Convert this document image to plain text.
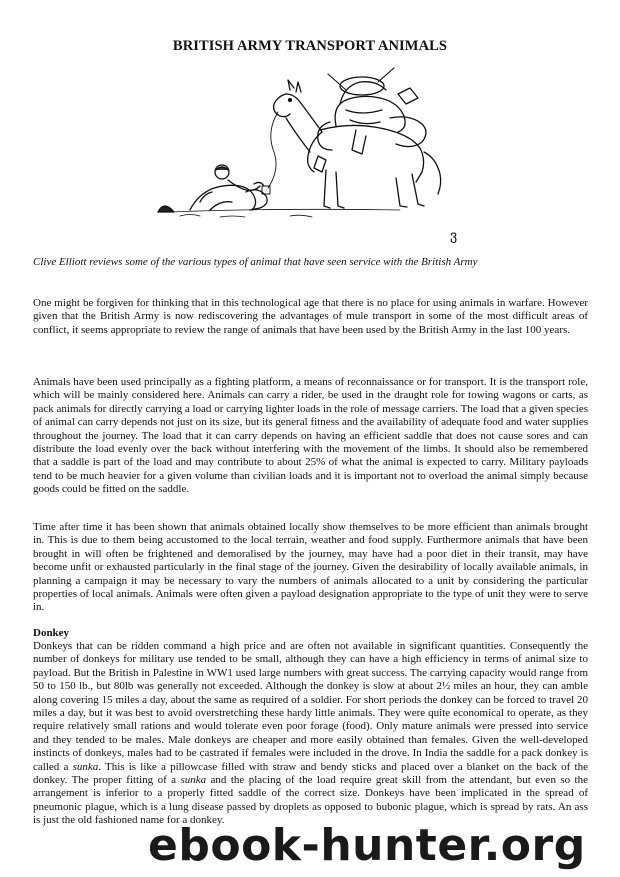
BRITISH ARMY TRANSPORT ANIMALS
ვ
Clive Elliott reviews some of the various types of animal that have seen service with the British Army

One might be forgiven for thinking that in this technological age that there is no place for using animals in warfare. However given that the British Army is now rediscovering the advantages of mule transport in some of the most difficult areas of conflict, it seems appropriate to review the range of animals that have been used by the British Army in the last 100 years.

Animals have been used principally as a fighting platform, a means of reconnaissance or for transport. It is the transport role, which will be mainly considered here. Animals can carry a rider, be used in the draught role for towing wagons or carts, as pack animals for directly carrying a load or carrying lighter loads in the role of message carriers. The load that a given species of animal can carry depends not just on its size, but its general fitness and the availability of adequate food and water supplies throughout the journey. The load that it can carry depends on having an efficient saddle that does not cause sores and can distribute the load evenly over the back without interfering with the movement of the limbs. It should also be remembered that a saddle is part of the load and may contribute to about 25% of what the animal is expected to carry. Military payloads tend to be much heavier for a given volume than civilian loads and it is important not to overload the animal simply because goods could be fitted on the saddle.

Time after time it has been shown that animals obtained locally show themselves to be more efficient than animals brought in. This is due to them being accustomed to the local terrain, weather and food supply. Furthermore animals that have been brought in will often be frightened and demoralised by the journey, may have had a poor diet in their transit, may have become unfit or exhausted particularly in the final stage of the journey. Given the desirability of locally available animals, in planning a campaign it may be necessary to vary the numbers of animals allocated to a unit by considering the particular properties of local animals. Animals were often given a payload designation appropriate to the type of unit they were to serve in.

Donkey

Donkeys that can be ridden command a high price and are often not available in significant quantities. Consequently the number of donkeys for military use tended to be small, although they can have a high efficiency in terms of animal size to payload. But the British in Palestine in WW1 used large numbers with great success. The carrying capacity would range from 50 to 150 lb., but 80lb was generally not exceeded. Although the donkey is slow at about 2½ miles an hour, they can amble along covering 15 miles a day, about the same as required of a soldier. For short periods the donkey can be forced to travel 20 miles a day, but it was best to avoid overstretching these hardy little animals. They were quite economical to operate, as they require relatively small rations and would tolerate even poor forage (food). Only mature animals were pressed into service and they tended to be males. Male donkeys are cheaper and more easily obtained than females. Given the well-developed instincts of donkeys, males had to be castrated if females were included in the drove. In India the saddle for a pack donkey is called a sunka. This is like a pillowcase filled with straw and bendy sticks and placed over a blanket on the back of the donkey. The proper fitting of a sunka and the placing of the load require great skill from the attendant, but even so the arrangement is inferior to a properly fitted saddle of the correct size. Donkeys have been implicated in the spread of pneumonic plague, which is a lung disease passed by droplets as opposed to bubonic plague, which is spread by rats. An ass is just the old fashioned name for a donkey.

ebook-hunter.org
